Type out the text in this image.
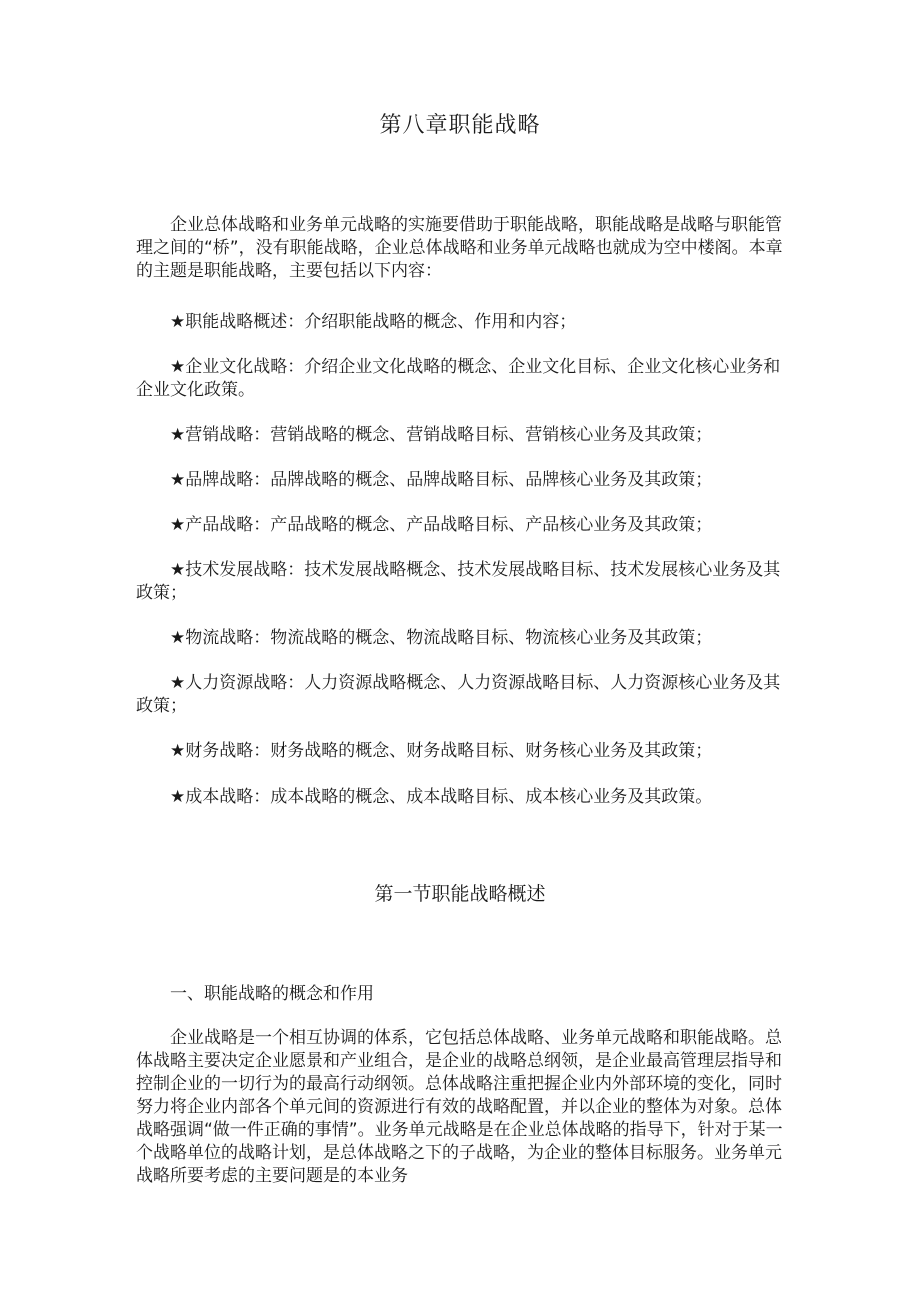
第八章职能战略

企业总体战略和业务单元战略的实施要借助于职能战略，职能战略是战略与职能管理之间的“桥”，没有职能战略，企业总体战略和业务单元战略也就成为空中楼阁。本章的主题是职能战略，主要包括以下内容：

★职能战略概述：介绍职能战略的概念、作用和内容；

★企业文化战略：介绍企业文化战略的概念、企业文化目标、企业文化核心业务和企业文化政策。

★营销战略：营销战略的概念、营销战略目标、营销核心业务及其政策；

★品牌战略：品牌战略的概念、品牌战略目标、品牌核心业务及其政策；

★产品战略：产品战略的概念、产品战略目标、产品核心业务及其政策；

★技术发展战略：技术发展战略概念、技术发展战略目标、技术发展核心业务及其政策；

★物流战略：物流战略的概念、物流战略目标、物流核心业务及其政策；

★人力资源战略：人力资源战略概念、人力资源战略目标、人力资源核心业务及其政策；

★财务战略：财务战略的概念、财务战略目标、财务核心业务及其政策；

★成本战略：成本战略的概念、成本战略目标、成本核心业务及其政策。

第一节职能战略概述

一、职能战略的概念和作用

企业战略是一个相互协调的体系，它包括总体战略、业务单元战略和职能战略。总体战略主要决定企业愿景和产业组合，是企业的战略总纲领，是企业最高管理层指导和控制企业的一切行为的最高行动纲领。总体战略注重把握企业内外部环境的变化，同时努力将企业内部各个单元间的资源进行有效的战略配置，并以企业的整体为对象。总体战略强调“做一件正确的事情”。业务单元战略是在企业总体战略的指导下，针对于某一个战略单位的战略计划，是总体战略之下的子战略，为企业的整体目标服务。业务单元战略所要考虑的主要问题是的本业务
